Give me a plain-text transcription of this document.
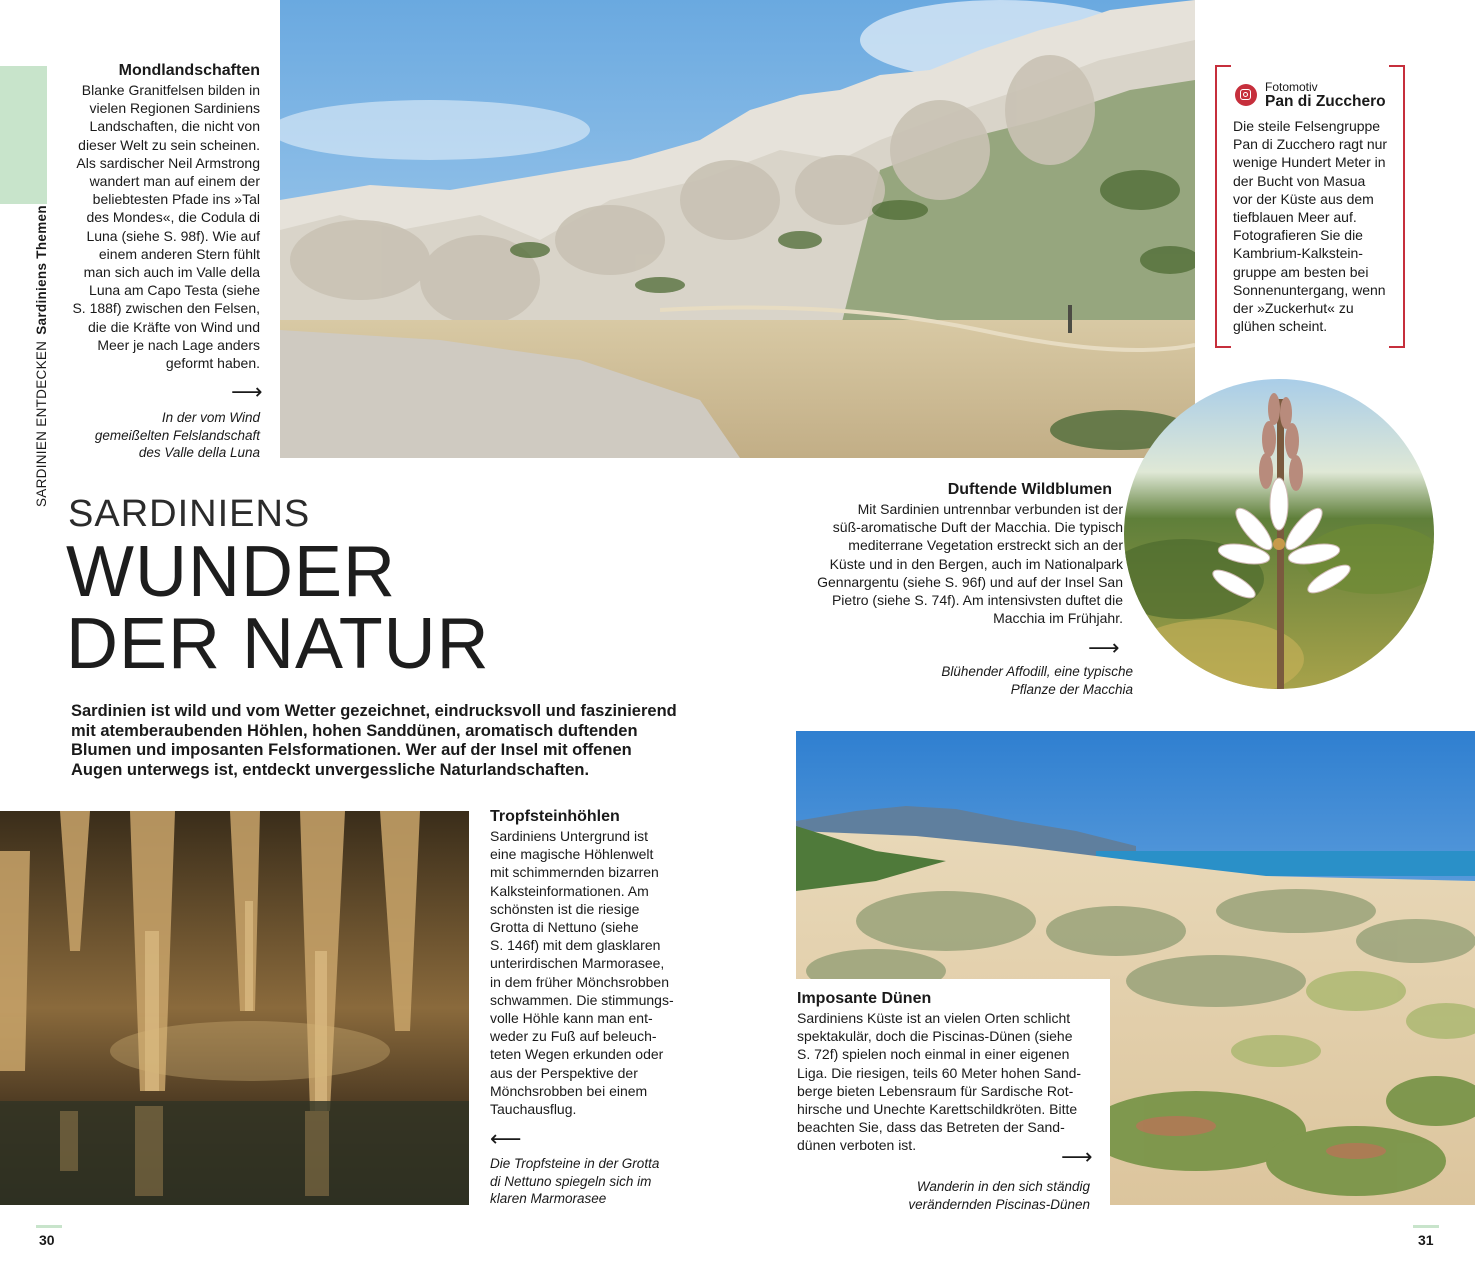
SARDINIEN ENTDECKENSardiniens Themen

Mondlandschaften

Blanke Granitfelsen bilden in
vielen Regionen Sardiniens
Landschaften, die nicht von
dieser Welt zu sein scheinen.
Als sardischer Neil Armstrong
wandert man auf einem der
beliebtesten Pfade ins »Tal
des Mondes«, die Codula di
Luna (siehe S. 98f). Wie auf
einem anderen Stern fühlt
man sich auch im Valle della
Luna am Capo Testa (siehe
S. 188f) zwischen den Felsen,
die die Kräfte von Wind und
Meer je nach Lage anders
geformt haben.

⟶

In der vom Wind
gemeißelten Felslandschaft
des Valle della Luna

Fotomotiv
Pan di Zucchero

Die steile Felsengruppe
Pan di Zucchero ragt nur
wenige Hundert Meter in
der Bucht von Masua
vor der Küste aus dem
tiefblauen Meer auf.
Fotografieren Sie die
Kambrium-Kalkstein-
gruppe am besten bei
Sonnenuntergang, wenn
der »Zuckerhut« zu
glühen scheint.

Duftende Wildblumen

Mit Sardinien untrennbar verbunden ist der
süß-aromatische Duft der Macchia. Die typisch
mediterrane Vegetation erstreckt sich an der
Küste und in den Bergen, auch im Nationalpark
Gennargentu (siehe S. 96f) und auf der Insel San
Pietro (siehe S. 74f). Am intensivsten duftet die
Macchia im Frühjahr.

⟶

Blühender Affodill, eine typische
Pflanze der Macchia

SARDINIENS
WUNDER
DER NATUR
Sardinien ist wild und vom Wetter gezeichnet, eindrucksvoll und faszinierend mit atemberaubenden Höhlen, hohen Sanddünen, aromatisch duftenden Blumen und imposanten Felsformationen. Wer auf der Insel mit offenen Augen unterwegs ist, entdeckt unvergessliche Naturlandschaften.

Tropfsteinhöhlen

Sardiniens Untergrund ist
eine magische Höhlenwelt
mit schimmernden bizarren
Kalksteinformationen. Am
schönsten ist die riesige
Grotta di Nettuno (siehe
S. 146f) mit dem glasklaren
unterirdischen Marmorasee,
in dem früher Mönchsrobben
schwammen. Die stimmungs-
volle Höhle kann man ent-
weder zu Fuß auf beleuch-
teten Wegen erkunden oder
aus der Perspektive der
Mönchsrobben bei einem
Tauchausflug.

⟵

Die Tropfsteine in der Grotta
di Nettuno spiegeln sich im
klaren Marmorasee

Imposante Dünen

Sardiniens Küste ist an vielen Orten schlicht
spektakulär, doch die Piscinas-Dünen (siehe
S. 72f) spielen noch einmal in einer eigenen
Liga. Die riesigen, teils 60 Meter hohen Sand-
berge bieten Lebensraum für Sardische Rot-
hirsche und Unechte Karettschildkröten. Bitte
beachten Sie, dass das Betreten der Sand-
dünen verboten ist.	⟶

Wanderin in den sich ständig
verändernden Piscinas-Dünen

30	31
